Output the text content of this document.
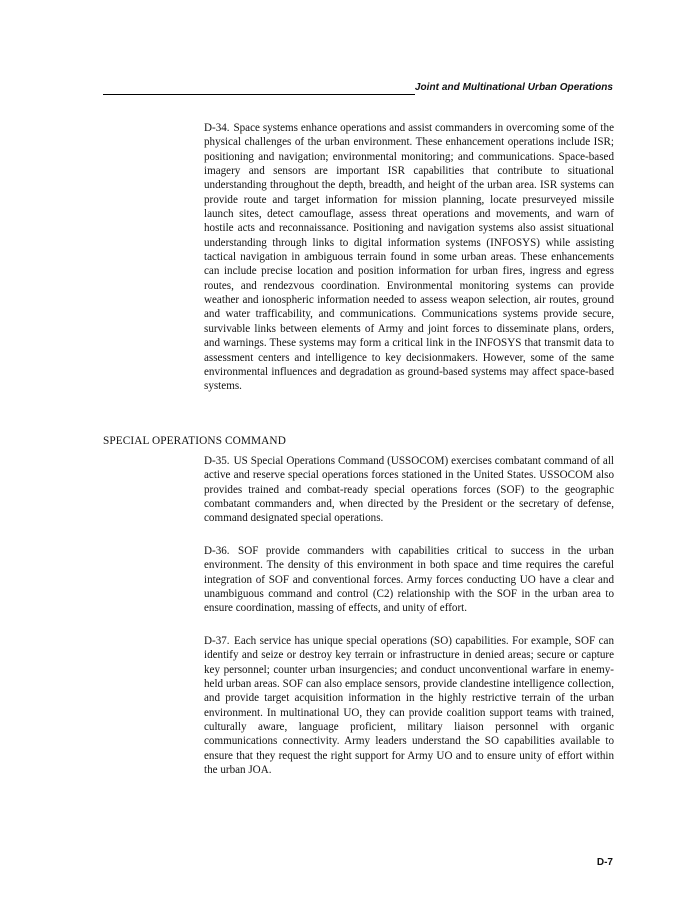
Joint and Multinational Urban Operations

D-34. Space systems enhance operations and assist commanders in overcoming some of the physical challenges of the urban environment. These enhancement operations include ISR; positioning and navigation; environmental monitoring; and communications. Space-based imagery and sensors are important ISR capabilities that contribute to situational understanding throughout the depth, breadth, and height of the urban area. ISR systems can provide route and target information for mission planning, locate presurveyed missile launch sites, detect camouflage, assess threat operations and movements, and warn of hostile acts and reconnaissance. Positioning and navigation systems also assist situational understanding through links to digital information systems (INFOSYS) while assisting tactical navigation in ambiguous terrain found in some urban areas. These enhancements can include precise location and position information for urban fires, ingress and egress routes, and rendezvous coordination. Environmental monitoring systems can provide weather and ionospheric information needed to assess weapon selection, air routes, ground and water trafficability, and communications. Communications systems provide secure, survivable links between elements of Army and joint forces to disseminate plans, orders, and warnings. These systems may form a critical link in the INFOSYS that transmit data to assessment centers and intelligence to key decisionmakers. However, some of the same environmental influences and degradation as ground-based systems may affect space-based systems.

SPECIAL OPERATIONS COMMAND

D-35. US Special Operations Command (USSOCOM) exercises combatant command of all active and reserve special operations forces stationed in the United States. USSOCOM also provides trained and combat-ready special operations forces (SOF) to the geographic combatant commanders and, when directed by the President or the secretary of defense, command designated special operations.

D-36. SOF provide commanders with capabilities critical to success in the urban environment. The density of this environment in both space and time requires the careful integration of SOF and conventional forces. Army forces conducting UO have a clear and unambiguous command and control (C2) relationship with the SOF in the urban area to ensure coordination, massing of effects, and unity of effort.

D-37. Each service has unique special operations (SO) capabilities. For example, SOF can identify and seize or destroy key terrain or infrastructure in denied areas; secure or capture key personnel; counter urban insurgencies; and conduct unconventional warfare in enemy-held urban areas. SOF can also emplace sensors, provide clandestine intelligence collection, and provide target acquisition information in the highly restrictive terrain of the urban environment. In multinational UO, they can provide coalition support teams with trained, culturally aware, language proficient, military liaison personnel with organic communications connectivity. Army leaders understand the SO capabilities available to ensure that they request the right support for Army UO and to ensure unity of effort within the urban JOA.

D-7
